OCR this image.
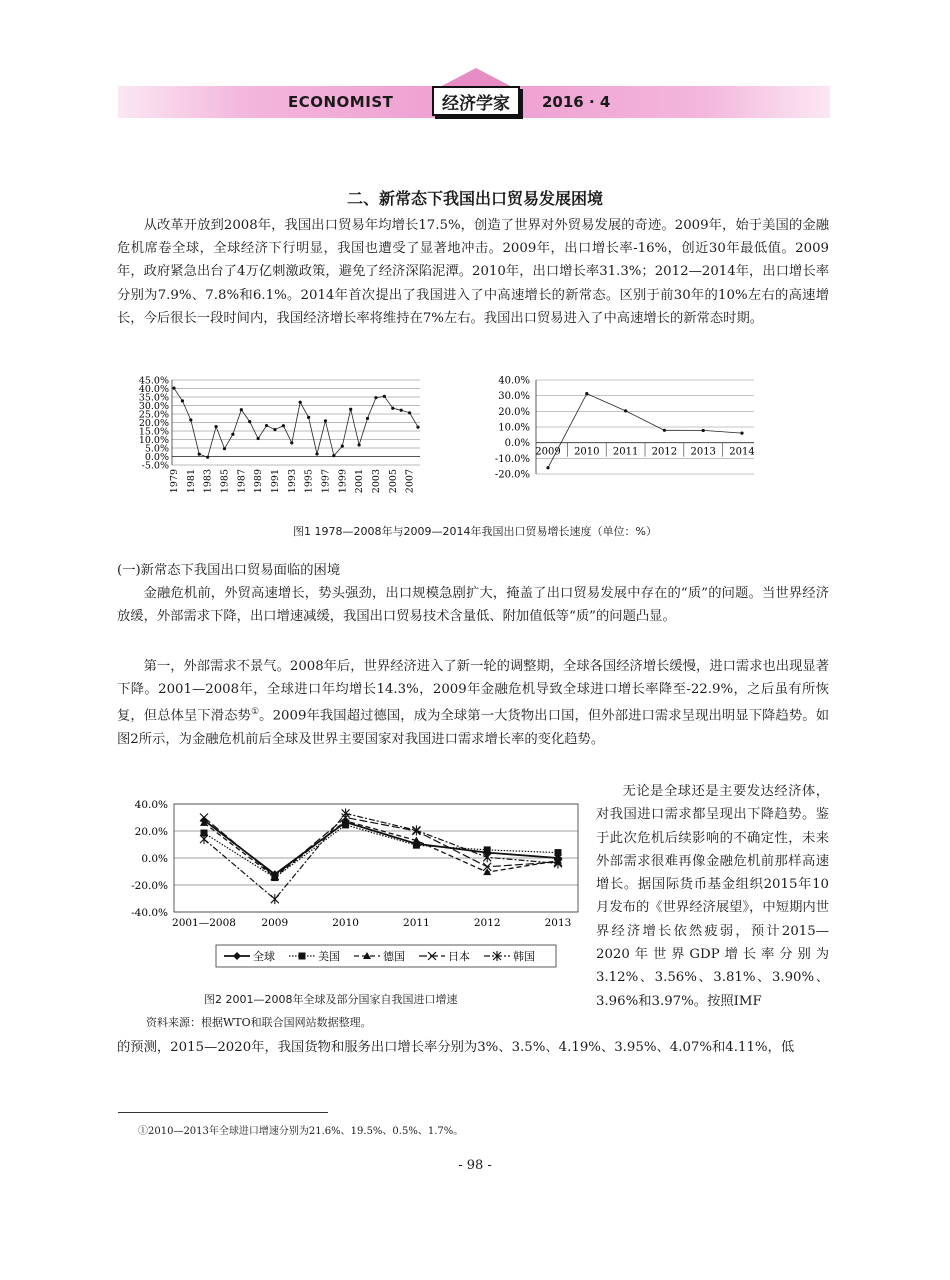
ECONOMIST	经济学家	2016 · 4
二、新常态下我国出口贸易发展困境

从改革开放到2008年，我国出口贸易年均增长17.5%，创造了世界对外贸易发展的奇迹。2009年，始于美国的金融危机席卷全球，全球经济下行明显，我国也遭受了显著地冲击。2009年，出口增长率-16%，创近30年最低值。2009年，政府紧急出台了4万亿刺激政策，避免了经济深陷泥潭。2010年，出口增长率31.3%；2012—2014年，出口增长率分别为7.9%、7.8%和6.1%。2014年首次提出了我国进入了中高速增长的新常态。区别于前30年的10%左右的高速增长，今后很长一段时间内，我国经济增长率将维持在7%左右。我国出口贸易进入了中高速增长的新常态时期。

45.0%
40.0%
35.0%
30.0%
25.0%
20.0%
15.0%
10.0%
5.0%
0.0%
-5.0%
1979 1981 1983 1985 1987 1989 1991 1993 1995 1997 1999 2001 2003 2005 2007
40.0%
30.0%
20.0%
10.0%
0.0%
-10.0%
-20.0%
2009 2010 2011 2012 2013 2014
图1 1978—2008年与2009—2014年我国出口贸易增长速度（单位：%）

(一)新常态下我国出口贸易面临的困境

金融危机前，外贸高速增长，势头强劲，出口规模急剧扩大，掩盖了出口贸易发展中存在的“质”的问题。当世界经济放缓，外部需求下降，出口增速减缓，我国出口贸易技术含量低、附加值低等“质”的问题凸显。

第一，外部需求不景气。2008年后，世界经济进入了新一轮的调整期，全球各国经济增长缓慢，进口需求也出现显著下降。2001—2008年，全球进口年均增长14.3%，2009年金融危机导致全球进口增长率降至-22.9%，之后虽有所恢复，但总体呈下滑态势①。2009年我国超过德国，成为全球第一大货物出口国，但外部进口需求呈现出明显下降趋势。如图2所示，为金融危机前后全球及世界主要国家对我国进口需求增长率的变化趋势。

40.0%
20.0%
0.0%
-20.0%
-40.0%
2001—2008 2009	2010	2011	2012	2013
全球	美国	德国	日本	韩国
图2 2001—2008年全球及部分国家自我国进口增速
资料来源：根据WTO和联合国网站数据整理。

无论是全球还是主要发达经济体，对我国进口需求都呈现出下降趋势。鉴于此次危机后续影响的不确定性，未来外部需求很难再像金融危机前那样高速增长。据国际货币基金组织2015年10月发布的《世界经济展望》，中短期内世界经济增长依然疲弱，预计2015—2020年世界GDP增长率分别为3.12%、3.56%、3.81%、3.90%、3.96%和3.97%。按照IMF

的预测，2015—2020年，我国货物和服务出口增长率分别为3%、3.5%、4.19%、3.95%、4.07%和4.11%，低

①2010—2013年全球进口增速分别为21.6%、19.5%、0.5%、1.7%。
- 98 -
